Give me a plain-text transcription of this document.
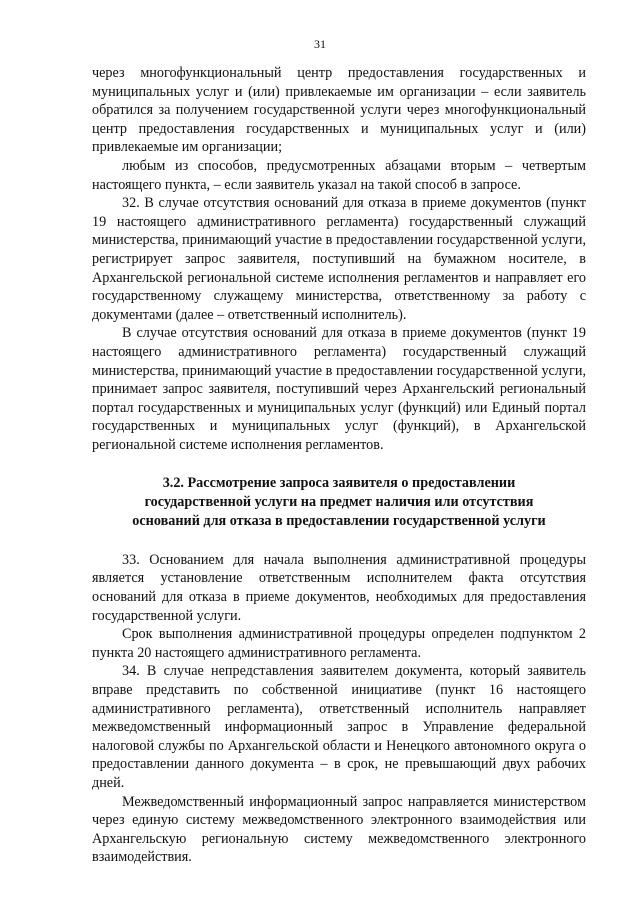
31

через многофункциональный центр предоставления государственных и муниципальных услуг и (или) привлекаемые им организации – если заявитель обратился за получением государственной услуги через многофункциональный центр предоставления государственных и муниципальных услуг и (или) привлекаемые им организации;

любым из способов, предусмотренных абзацами вторым – четвертым настоящего пункта, – если заявитель указал на такой способ в запросе.

32. В случае отсутствия оснований для отказа в приеме документов (пункт 19 настоящего административного регламента) государственный служащий министерства, принимающий участие в предоставлении государственной услуги, регистрирует запрос заявителя, поступивший на бумажном носителе, в Архангельской региональной системе исполнения регламентов и направляет его государственному служащему министерства, ответственному за работу с документами (далее – ответственный исполнитель).

В случае отсутствия оснований для отказа в приеме документов (пункт 19 настоящего административного регламента) государственный служащий министерства, принимающий участие в предоставлении государственной услуги, принимает запрос заявителя, поступивший через Архангельский региональный портал государственных и муниципальных услуг (функций) или Единый портал государственных и муниципальных услуг (функций), в Архангельской региональной системе исполнения регламентов.

3.2. Рассмотрение запроса заявителя о предоставлении
государственной услуги на предмет наличия или отсутствия
оснований для отказа в предоставлении государственной услуги

33. Основанием для начала выполнения административной процедуры является установление ответственным исполнителем факта отсутствия оснований для отказа в приеме документов, необходимых для предоставления государственной услуги.

Срок выполнения административной процедуры определен подпунктом 2 пункта 20 настоящего административного регламента.

34. В случае непредставления заявителем документа, который заявитель вправе представить по собственной инициативе (пункт 16 настоящего административного регламента), ответственный исполнитель направляет межведомственный информационный запрос в Управление федеральной налоговой службы по Архангельской области и Ненецкого автономного округа о предоставлении данного документа – в срок, не превышающий двух рабочих дней.

Межведомственный информационный запрос направляется министерством через единую систему межведомственного электронного взаимодействия или Архангельскую региональную систему межведомственного электронного взаимодействия.
